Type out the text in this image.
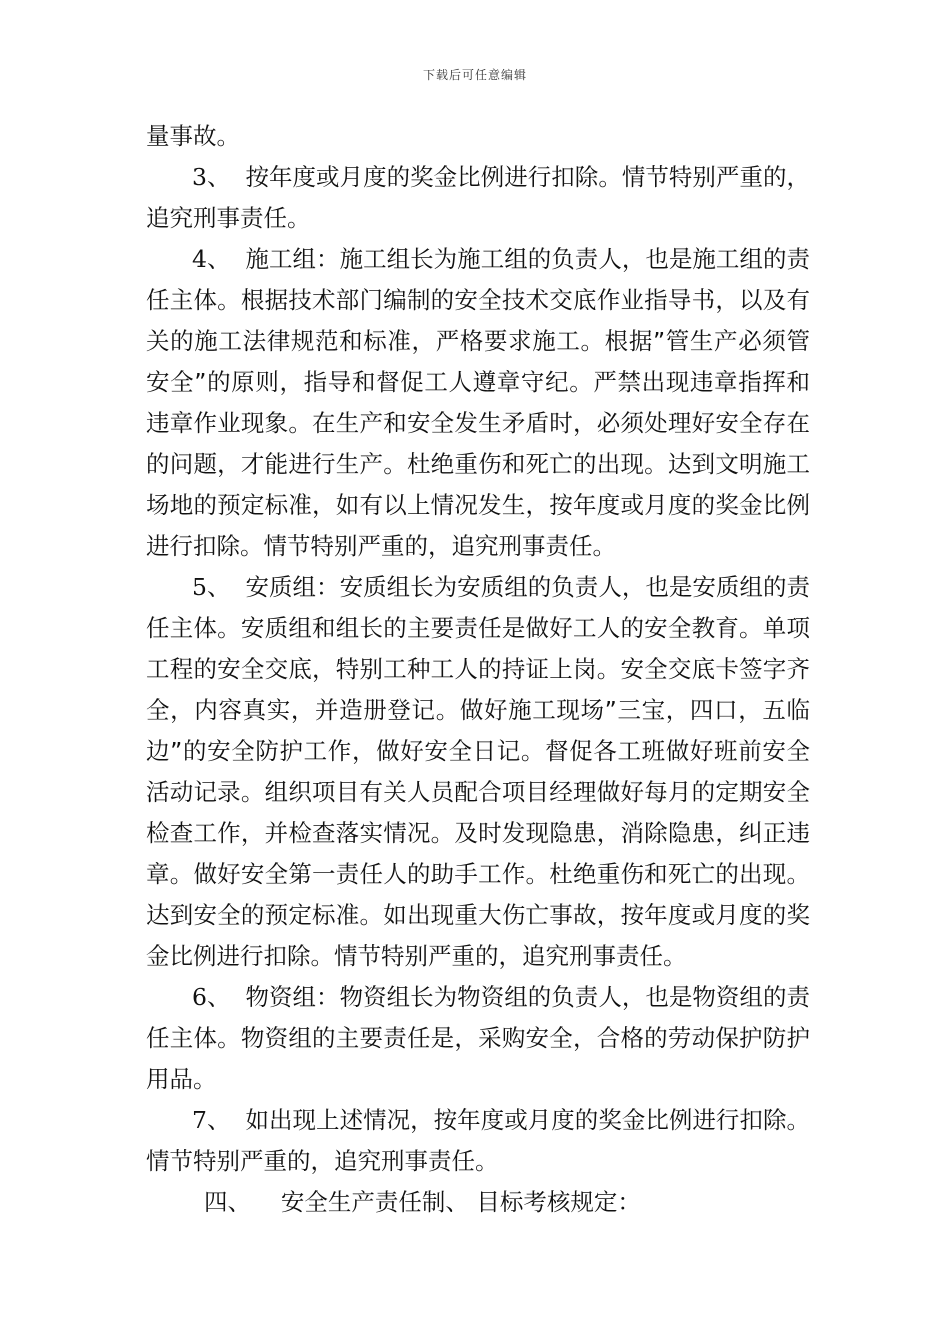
下载后可任意编辑

量事故。

3、 按年度或月度的奖金比例进行扣除。情节特别严重的，追究刑事责任。

4、 施工组：施工组长为施工组的负责人，也是施工组的责任主体。根据技术部门编制的安全技术交底作业指导书，以及有关的施工法律规范和标准，严格要求施工。根据”管生产必须管安全”的原则，指导和督促工人遵章守纪。严禁出现违章指挥和违章作业现象。在生产和安全发生矛盾时，必须处理好安全存在的问题，才能进行生产。杜绝重伤和死亡的出现。达到文明施工场地的预定标准，如有以上情况发生，按年度或月度的奖金比例进行扣除。情节特别严重的，追究刑事责任。

5、 安质组：安质组长为安质组的负责人，也是安质组的责任主体。安质组和组长的主要责任是做好工人的安全教育。单项工程的安全交底，特别工种工人的持证上岗。安全交底卡签字齐全，内容真实，并造册登记。做好施工现场”三宝，四口，五临边”的安全防护工作，做好安全日记。督促各工班做好班前安全活动记录。组织项目有关人员配合项目经理做好每月的定期安全检查工作，并检查落实情况。及时发现隐患，消除隐患，纠正违章。做好安全第一责任人的助手工作。杜绝重伤和死亡的出现。达到安全的预定标准。如出现重大伤亡事故，按年度或月度的奖金比例进行扣除。情节特别严重的，追究刑事责任。

6、 物资组：物资组长为物资组的负责人，也是物资组的责任主体。物资组的主要责任是，采购安全，合格的劳动保护防护用品。

7、 如出现上述情况，按年度或月度的奖金比例进行扣除。情节特别严重的，追究刑事责任。

四、 安全生产责任制、 目标考核规定：
